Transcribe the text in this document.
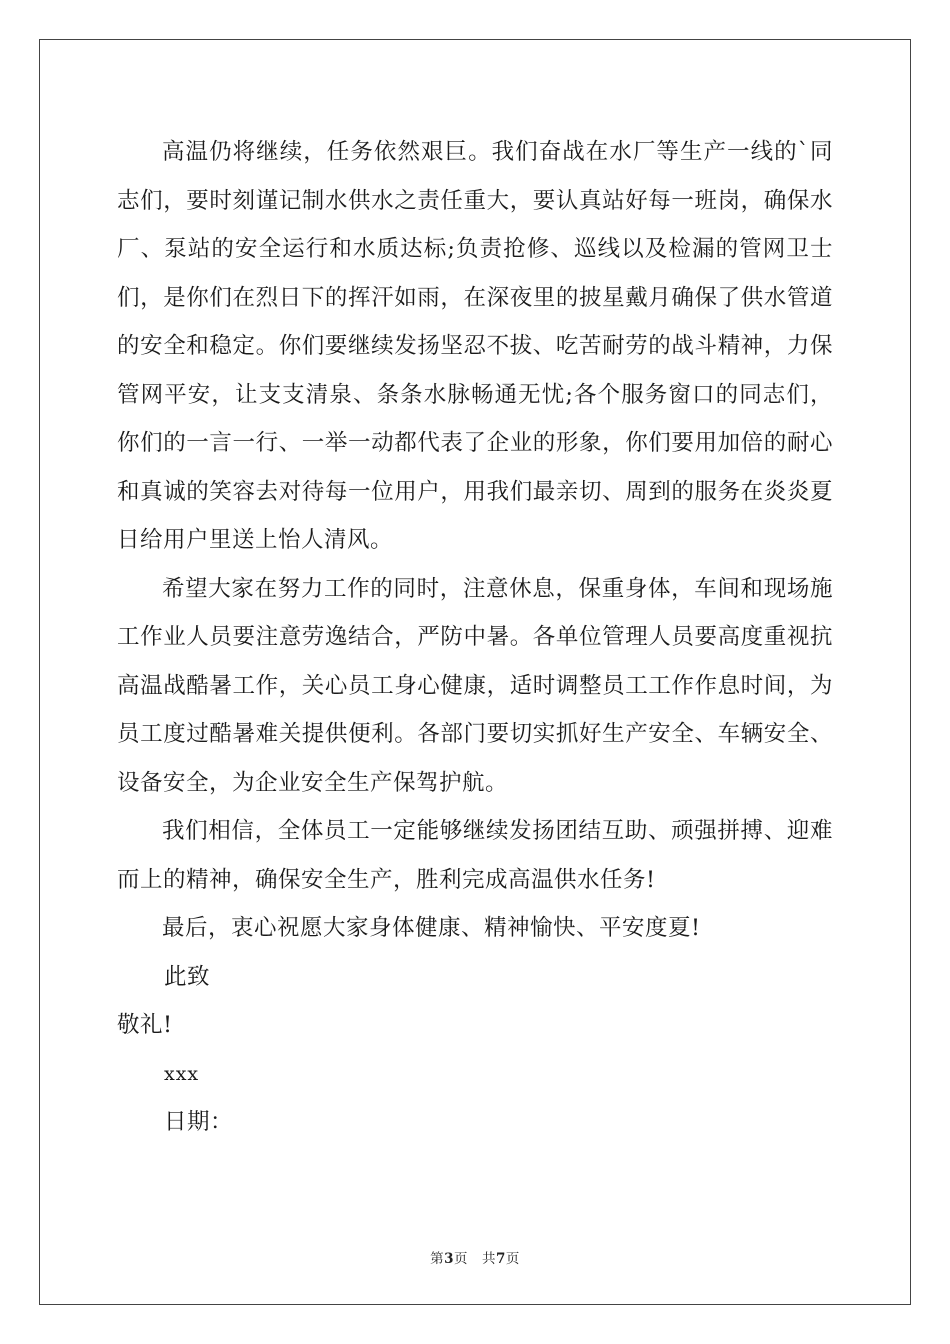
高温仍将继续，任务依然艰巨。我们奋战在水厂等生产一线的`同志们，要时刻谨记制水供水之责任重大，要认真站好每一班岗，确保水厂、泵站的安全运行和水质达标;负责抢修、巡线以及检漏的管网卫士们，是你们在烈日下的挥汗如雨，在深夜里的披星戴月确保了供水管道的安全和稳定。你们要继续发扬坚忍不拔、吃苦耐劳的战斗精神，力保管网平安，让支支清泉、条条水脉畅通无忧;各个服务窗口的同志们，你们的一言一行、一举一动都代表了企业的形象，你们要用加倍的耐心和真诚的笑容去对待每一位用户，用我们最亲切、周到的服务在炎炎夏日给用户里送上怡人清风。

希望大家在努力工作的同时，注意休息，保重身体，车间和现场施工作业人员要注意劳逸结合，严防中暑。各单位管理人员要高度重视抗高温战酷暑工作，关心员工身心健康，适时调整员工工作作息时间，为员工度过酷暑难关提供便利。各部门要切实抓好生产安全、车辆安全、设备安全，为企业安全生产保驾护航。

我们相信，全体员工一定能够继续发扬团结互助、顽强拼搏、迎难而上的精神，确保安全生产，胜利完成高温供水任务!

最后，衷心祝愿大家身体健康、精神愉快、平安度夏!

此致

敬礼!

xxx

日期：

第3页 共7页
